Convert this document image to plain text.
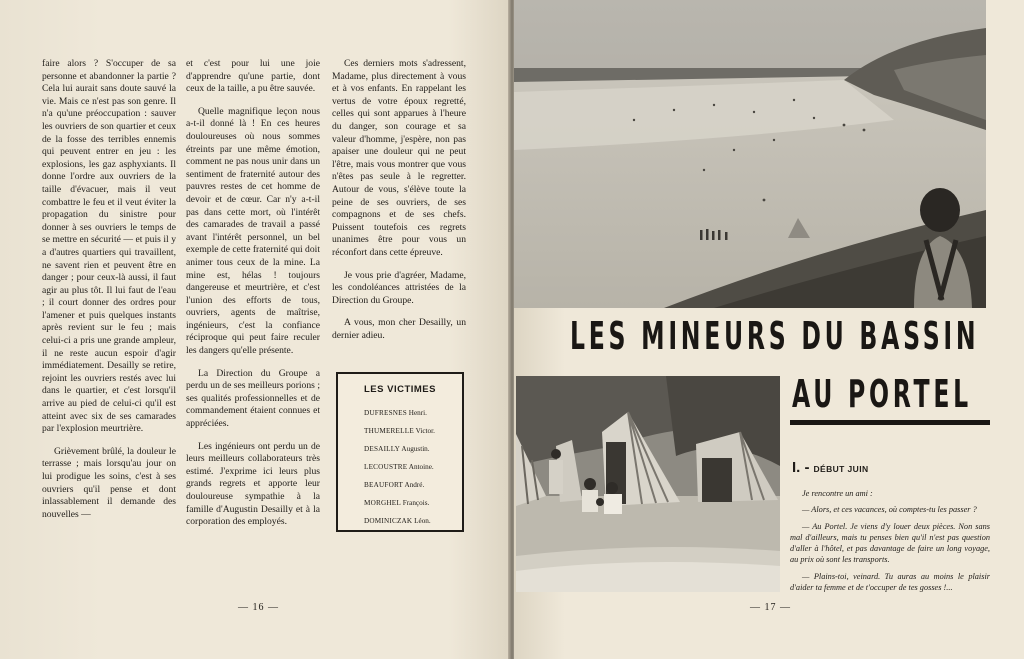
faire alors ? S'occuper de sa personne et abandonner la partie ? Cela lui aurait sans doute sauvé la vie. Mais ce n'est pas son genre. Il n'a qu'une préoccupation : sauver les ouvriers de son quartier et ceux de la fosse des terribles ennemis qui peuvent entrer en jeu : les explosions, les gaz asphyxiants. Il donne l'ordre aux ouvriers de la taille d'évacuer, mais il veut combattre le feu et il veut éviter la propagation du sinistre pour donner à ses ouvriers le temps de se mettre en sécurité — et puis il y a d'autres quartiers qui travaillent, ne savent rien et peuvent être en danger ; pour ceux-là aussi, il faut agir au plus tôt. Il lui faut de l'eau ; il court donner des ordres pour l'amener et puis quelques instants après revient sur le feu ; mais celui-ci a pris une grande ampleur, il ne reste aucun espoir d'agir immédiatement. Desailly se retire, rejoint les ouvriers restés avec lui dans le quartier, et c'est lorsqu'il arrive au pied de celui-ci qu'il est atteint avec six de ses camarades par l'explosion meurtrière.

Grièvement brûlé, la douleur le terrasse ; mais lorsqu'au jour on lui prodigue les soins, c'est à ses ouvriers qu'il pense et dont inlassablement il demande des nouvelles —

et c'est pour lui une joie d'apprendre qu'une partie, dont ceux de la taille, a pu être sauvée.

Quelle magnifique leçon nous a-t-il donné là ! En ces heures douloureuses où nous sommes étreints par une même émotion, comment ne pas nous unir dans un sentiment de fraternité autour des pauvres restes de cet homme de devoir et de cœur. Car n'y a-t-il pas dans cette mort, où l'intérêt des camarades de travail a passé avant l'intérêt personnel, un bel exemple de cette fraternité qui doit animer tous ceux de la mine. La mine est, hélas ! toujours dangereuse et meurtrière, et c'est l'union des efforts de tous, ouvriers, agents de maîtrise, ingénieurs, c'est la confiance réciproque qui peut faire reculer les dangers qu'elle présente.

La Direction du Groupe a perdu un de ses meilleurs porions ; ses qualités professionnelles et de commandement étaient connues et appréciées.

Les ingénieurs ont perdu un de leurs meilleurs collaborateurs très estimé. J'exprime ici leurs plus grands regrets et apporte leur douloureuse sympathie à la famille d'Augustin Desailly et à la corporation des employés.

Ces derniers mots s'adressent, Madame, plus directement à vous et à vos enfants. En rappelant les vertus de votre époux regretté, celles qui sont apparues à l'heure du danger, son courage et sa valeur d'homme, j'espère, non pas apaiser une douleur qui ne peut l'être, mais vous montrer que vous n'êtes pas seule à le regretter. Autour de vous, s'élève toute la peine de ses ouvriers, de ses compagnons et de ses chefs. Puissent toutefois ces regrets unanimes être pour vous un réconfort dans cette épreuve.

Je vous prie d'agréer, Madame, les condoléances attristées de la Direction du Groupe.

A vous, mon cher Desailly, un dernier adieu.

LES VICTIMES
DUFRESNES Henri.
THUMERELLE Victor.
DESAILLY Augustin.
LECOUSTRE Antoine.
BEAUFORT André.
MORGHEL François.
DOMINICZAK Léon.
— 16 —
LES MINEURS DU BASSIN
AU PORTEL
I. - DÉBUT JUIN

Je rencontre un ami :

— Alors, et ces vacances, où comptes-tu les passer ?

— Au Portel. Je viens d'y louer deux pièces. Non sans mal d'ailleurs, mais tu penses bien qu'il n'est pas question d'aller à l'hôtel, et pas davantage de faire un long voyage, au prix où sont les transports.

— Plains-toi, veinard. Tu auras au moins le plaisir d'aider ta femme et de t'occuper de tes gosses !...

— 17 —
